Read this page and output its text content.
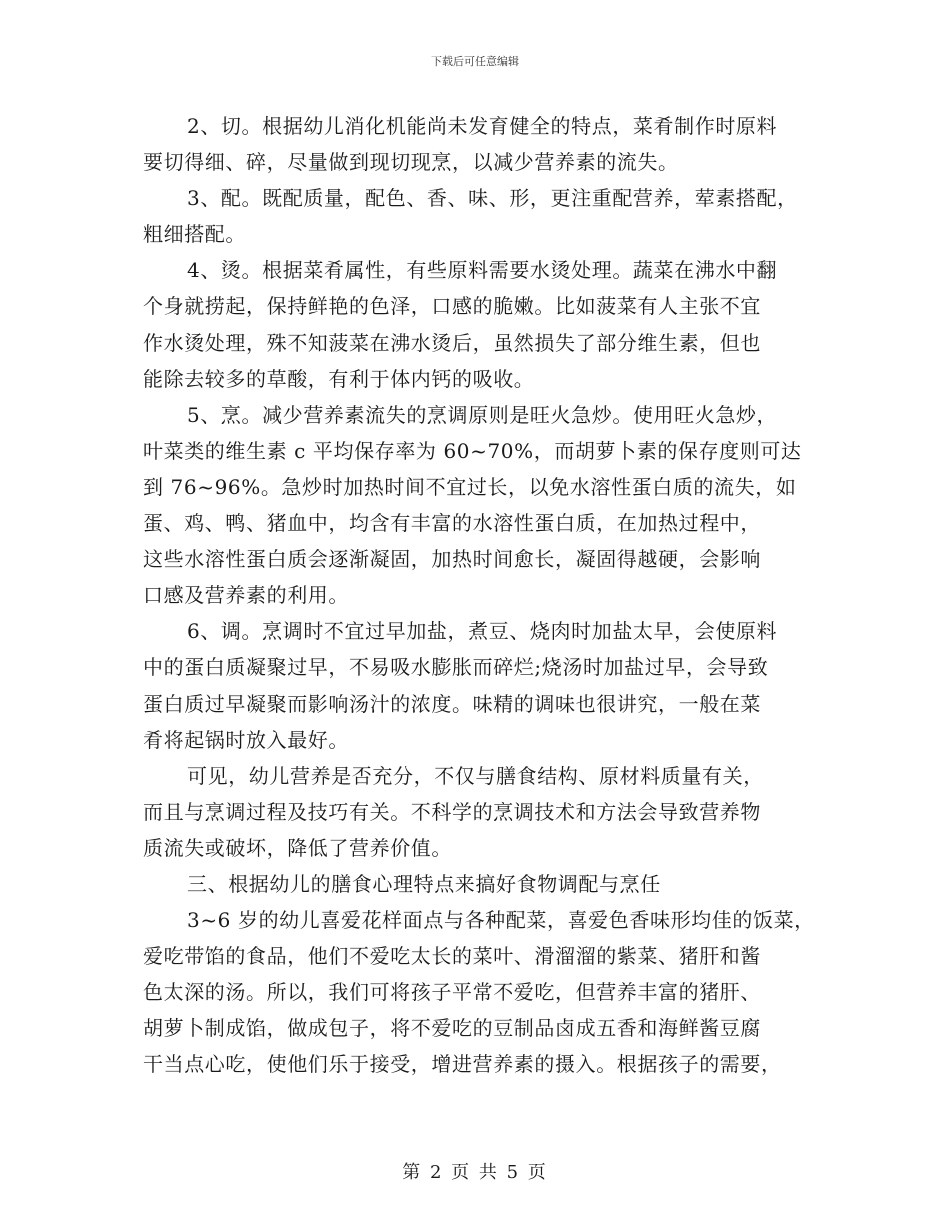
下载后可任意编辑
2、切。根据幼儿消化机能尚未发育健全的特点，菜肴制作时原料
要切得细、碎，尽量做到现切现烹，以减少营养素的流失。
3、配。既配质量，配色、香、味、形，更注重配营养，荤素搭配，
粗细搭配。
4、烫。根据菜肴属性，有些原料需要水烫处理。蔬菜在沸水中翻
个身就捞起，保持鲜艳的色泽，口感的脆嫩。比如菠菜有人主张不宜
作水烫处理，殊不知菠菜在沸水烫后，虽然损失了部分维生素，但也
能除去较多的草酸，有利于体内钙的吸收。
5、烹。减少营养素流失的烹调原则是旺火急炒。使用旺火急炒，
叶菜类的维生素 c 平均保存率为 60~70%，而胡萝卜素的保存度则可达
到 76~96%。急炒时加热时间不宜过长，以免水溶性蛋白质的流失，如
蛋、鸡、鸭、猪血中，均含有丰富的水溶性蛋白质，在加热过程中，
这些水溶性蛋白质会逐渐凝固，加热时间愈长，凝固得越硬，会影响
口感及营养素的利用。
6、调。烹调时不宜过早加盐，煮豆、烧肉时加盐太早，会使原料
中的蛋白质凝聚过早，不易吸水膨胀而碎烂;烧汤时加盐过早，会导致
蛋白质过早凝聚而影响汤汁的浓度。味精的调味也很讲究，一般在菜
肴将起锅时放入最好。
可见，幼儿营养是否充分，不仅与膳食结构、原材料质量有关，
而且与烹调过程及技巧有关。不科学的烹调技术和方法会导致营养物
质流失或破坏，降低了营养价值。
三、根据幼儿的膳食心理特点来搞好食物调配与烹任
3~6 岁的幼儿喜爱花样面点与各种配菜，喜爱色香味形均佳的饭菜，
爱吃带馅的食品，他们不爱吃太长的菜叶、滑溜溜的紫菜、猪肝和酱
色太深的汤。所以，我们可将孩子平常不爱吃，但营养丰富的猪肝、
胡萝卜制成馅，做成包子，将不爱吃的豆制品卤成五香和海鲜酱豆腐
干当点心吃，使他们乐于接受，增进营养素的摄入。根据孩子的需要，
第 2 页 共 5 页
